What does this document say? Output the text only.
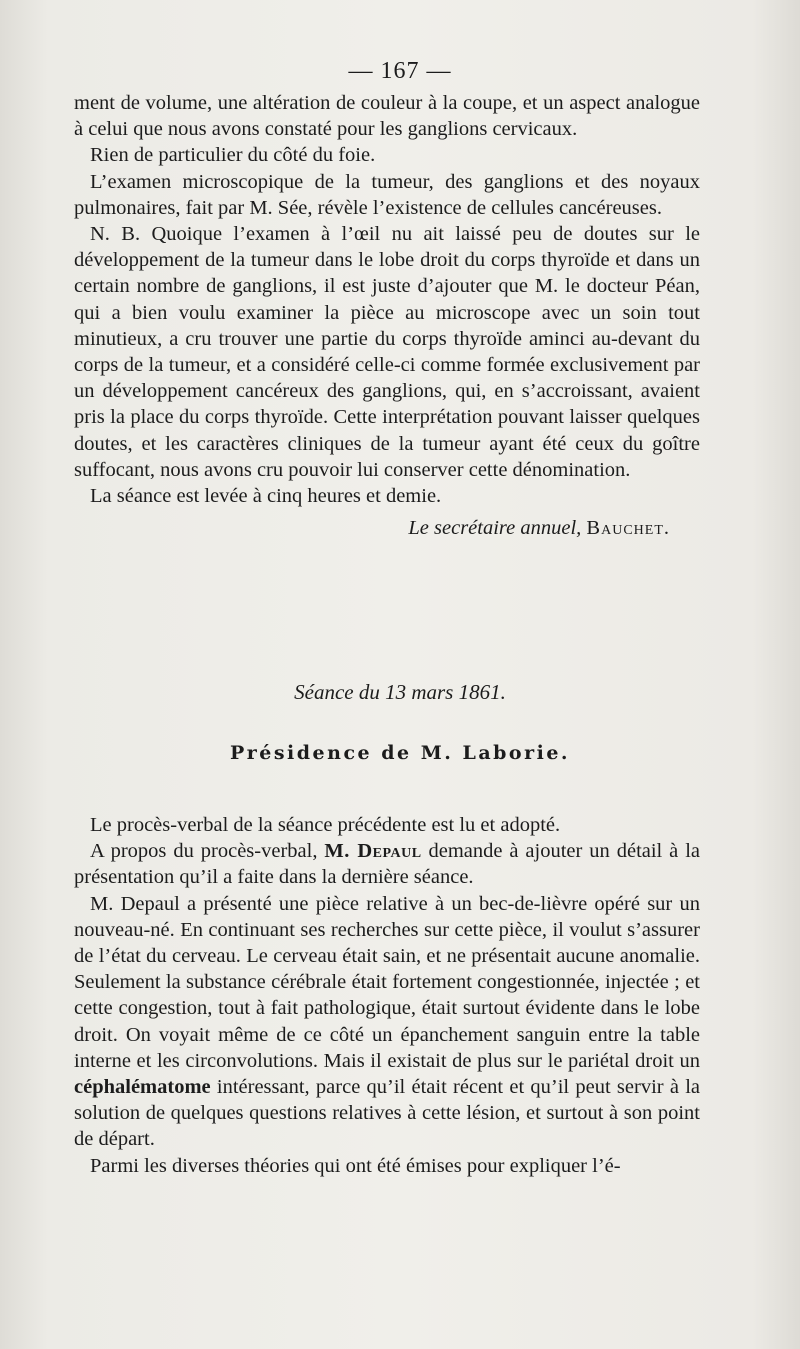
— 167 —

ment de volume, une altération de couleur à la coupe, et un aspect analogue à celui que nous avons constaté pour les ganglions cervicaux.

Rien de particulier du côté du foie.

L’examen microscopique de la tumeur, des ganglions et des noyaux pulmonaires, fait par M. Sée, révèle l’existence de cellules cancéreuses.

N. B. Quoique l’examen à l’œil nu ait laissé peu de doutes sur le développement de la tumeur dans le lobe droit du corps thyroïde et dans un certain nombre de ganglions, il est juste d’ajouter que M. le docteur Péan, qui a bien voulu examiner la pièce au microscope avec un soin tout minutieux, a cru trouver une partie du corps thyroïde aminci au-devant du corps de la tumeur, et a considéré celle-ci comme formée exclusivement par un développement cancéreux des ganglions, qui, en s’accroissant, avaient pris la place du corps thyroïde. Cette interprétation pouvant laisser quelques doutes, et les caractères cliniques de la tumeur ayant été ceux du goître suffocant, nous avons cru pouvoir lui conserver cette dénomination.

La séance est levée à cinq heures et demie.

Le secrétaire annuel, Bauchet.

Séance du 13 mars 1861.
Présidence de M. Laborie.

Le procès-verbal de la séance précédente est lu et adopté.

A propos du procès-verbal, M. Depaul demande à ajouter un détail à la présentation qu’il a faite dans la dernière séance.

M. Depaul a présenté une pièce relative à un bec-de-lièvre opéré sur un nouveau-né. En continuant ses recherches sur cette pièce, il voulut s’assurer de l’état du cerveau. Le cerveau était sain, et ne présentait aucune anomalie. Seulement la substance cérébrale était fortement congestionnée, injectée ; et cette congestion, tout à fait pathologique, était surtout évidente dans le lobe droit. On voyait même de ce côté un épanchement sanguin entre la table interne et les circonvolutions. Mais il existait de plus sur le pariétal droit un céphalématome intéressant, parce qu’il était récent et qu’il peut servir à la solution de quelques questions relatives à cette lésion, et surtout à son point de départ.

Parmi les diverses théories qui ont été émises pour expliquer l’é-
